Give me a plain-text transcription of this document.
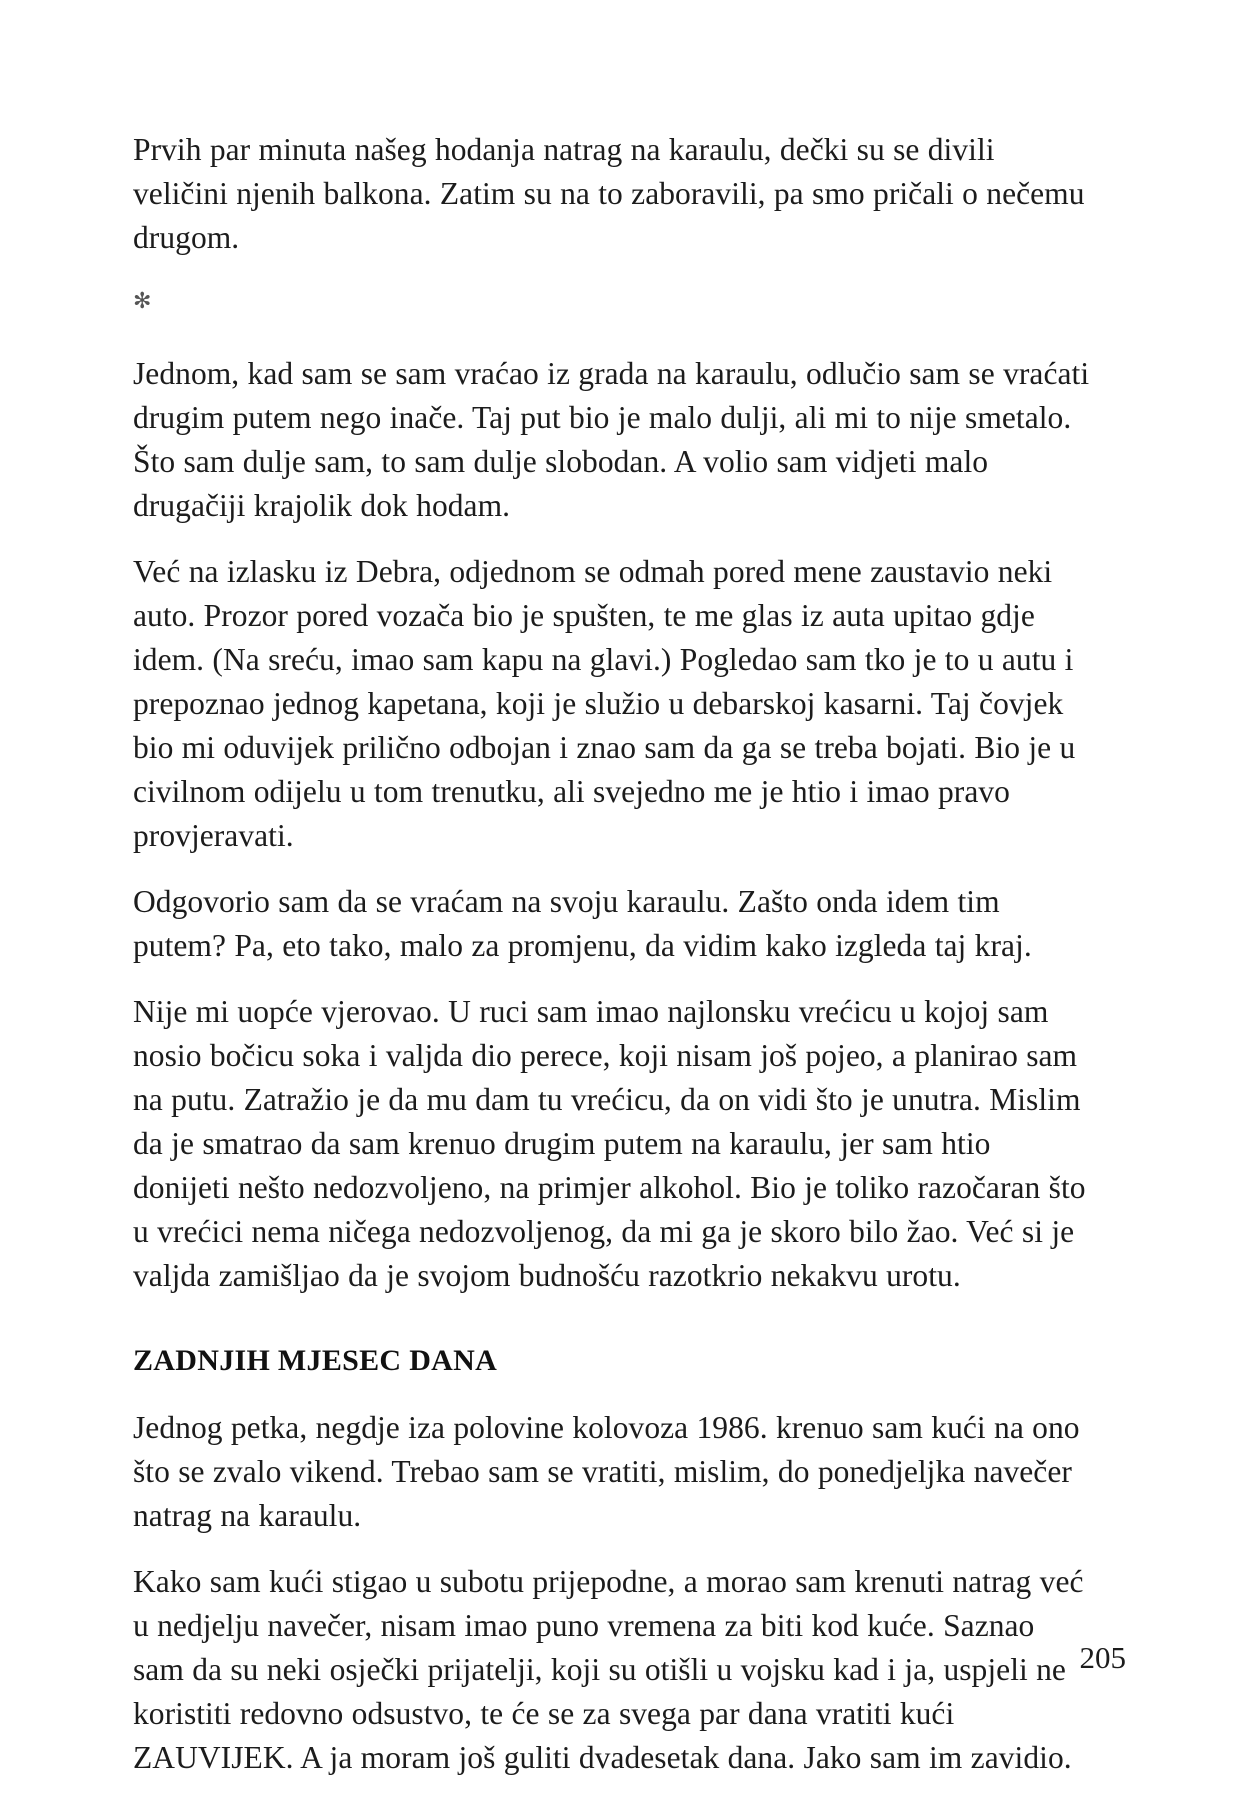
Prvih par minuta našeg hodanja natrag na karaulu, dečki su se divili veličini njenih balkona. Zatim su na to zaboravili, pa smo pričali o nečemu drugom.

✻

Jednom, kad sam se sam vraćao iz grada na karaulu, odlučio sam se vraćati drugim putem nego inače. Taj put bio je malo dulji, ali mi to nije smetalo. Što sam dulje sam, to sam dulje slobodan. A volio sam vidjeti malo drugačiji krajolik dok hodam.

Već na izlasku iz Debra, odjednom se odmah pored mene zaustavio neki auto. Prozor pored vozača bio je spušten, te me glas iz auta upitao gdje idem. (Na sreću, imao sam kapu na glavi.) Pogledao sam tko je to u autu i prepoznao jednog kapetana, koji je služio u debarskoj kasarni. Taj čovjek bio mi oduvijek prilično odbojan i znao sam da ga se treba bojati. Bio je u civilnom odijelu u tom trenutku, ali svejedno me je htio i imao pravo provjeravati.

Odgovorio sam da se vraćam na svoju karaulu. Zašto onda idem tim putem? Pa, eto tako, malo za promjenu, da vidim kako izgleda taj kraj.

Nije mi uopće vjerovao. U ruci sam imao najlonsku vrećicu u kojoj sam nosio bočicu soka i valjda dio perece, koji nisam još pojeo, a planirao sam na putu. Zatražio je da mu dam tu vrećicu, da on vidi što je unutra. Mislim da je smatrao da sam krenuo drugim putem na karaulu, jer sam htio donijeti nešto nedozvoljeno, na primjer alkohol. Bio je toliko razočaran što u vrećici nema ničega nedozvoljenog, da mi ga je skoro bilo žao. Već si je valjda zamišljao da je svojom budnošću razotkrio nekakvu urotu.

ZADNJIH MJESEC DANA

Jednog petka, negdje iza polovine kolovoza 1986. krenuo sam kući na ono što se zvalo vikend. Trebao sam se vratiti, mislim, do ponedjeljka navečer natrag na karaulu.

Kako sam kući stigao u subotu prijepodne, a morao sam krenuti natrag već u nedjelju navečer, nisam imao puno vremena za biti kod kuće. Saznao sam da su neki osječki prijatelji, koji su otišli u vojsku kad i ja, uspjeli ne koristiti redovno odsustvo, te će se za svega par dana vratiti kući ZAUVIJEK. A ja moram još guliti dvadesetak dana. Jako sam im zavidio.

205
